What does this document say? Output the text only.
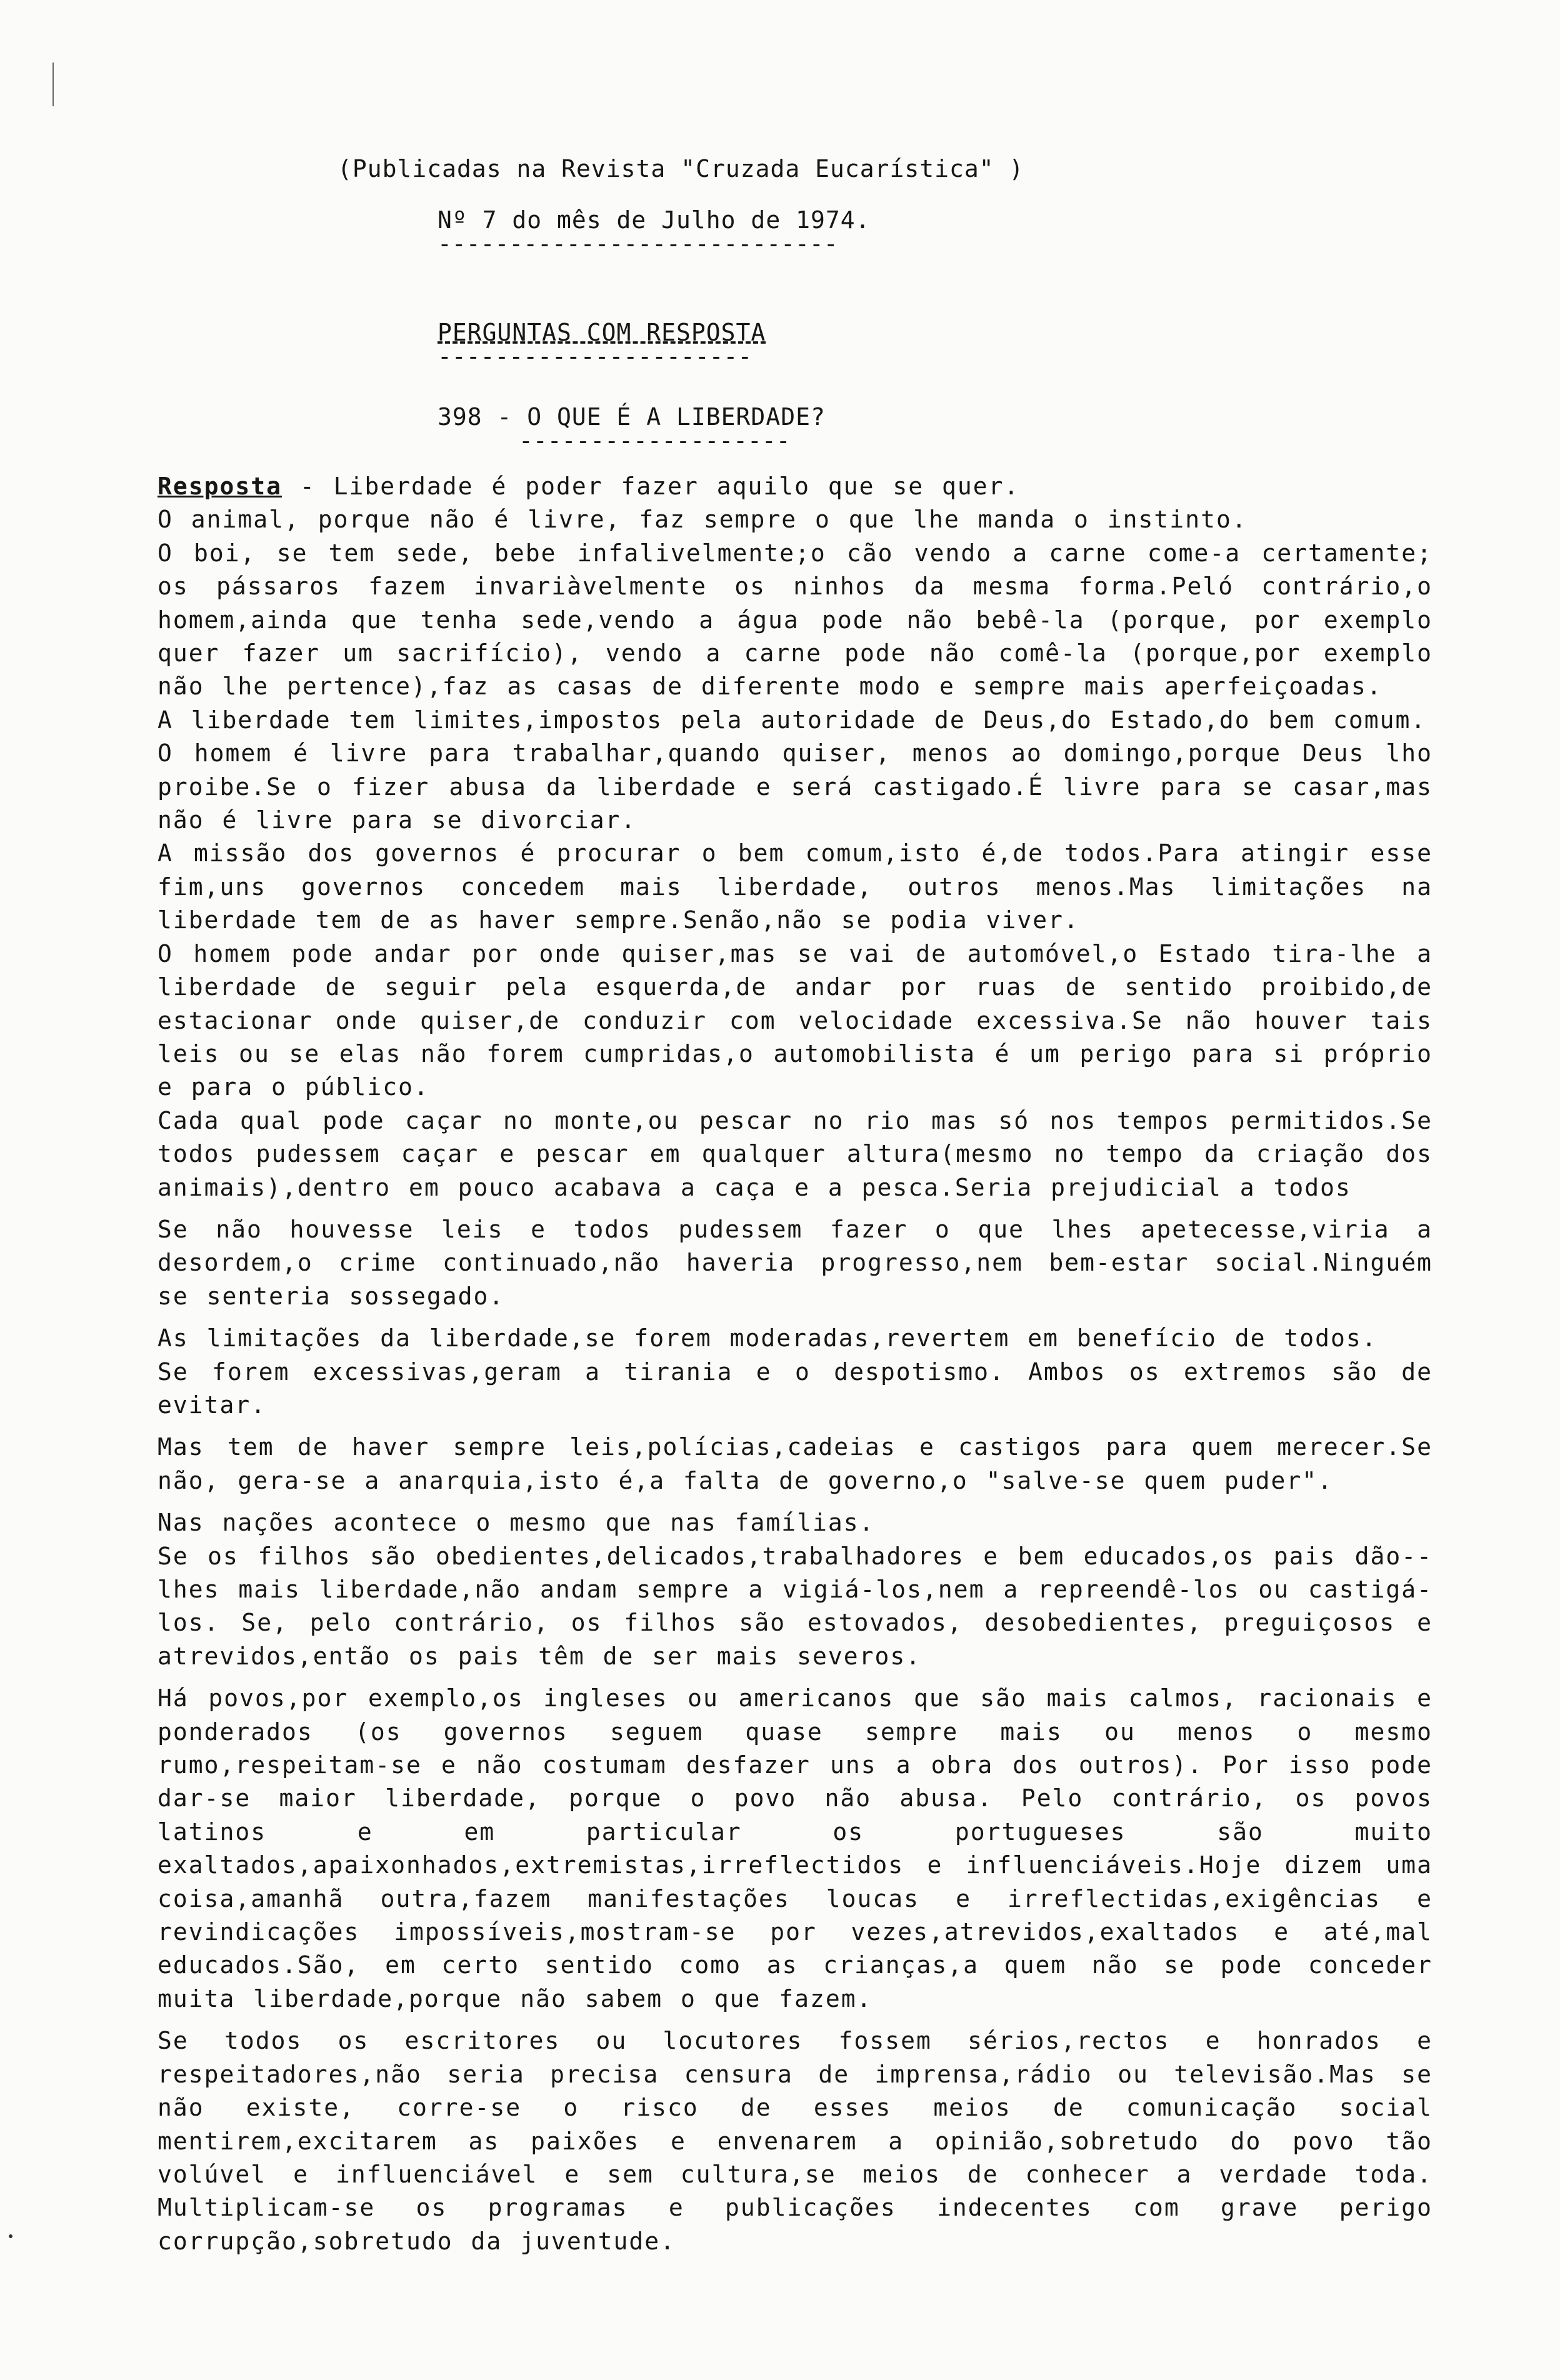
(Publicadas na Revista "Cruzada Eucarística" )
Nº 7 do mês de Julho de 1974.
----------------------------
PERGUNTAS COM RESPOSTA
----------------------
398 - O QUE É A LIBERDADE?
-------------------

Resposta - Liberdade é poder fazer aquilo que se quer.

O animal, porque não é livre, faz sempre o que lhe manda o instinto.

O boi, se tem sede, bebe infalivelmente;o cão vendo a carne come-a certamente; os pássaros fazem invariàvelmente os ninhos da mesma forma.Peló contrário,o homem,ainda que tenha sede,vendo a água pode não bebê-la (porque, por exemplo quer fazer um sacrifício), vendo a carne pode não comê-la (porque,por exemplo não lhe pertence),faz as casas de diferente modo e sempre mais aperfeiçoadas.

A liberdade tem limites,impostos pela autoridade de Deus,do Estado,do bem comum.

O homem é livre para trabalhar,quando quiser, menos ao domingo,porque Deus lho proibe.Se o fizer abusa da liberdade e será castigado.É livre para se casar,mas não é livre para se divorciar.

A missão dos governos é procurar o bem comum,isto é,de todos.Para atingir esse fim,uns governos concedem mais liberdade, outros menos.Mas limitações na liberdade tem de as haver sempre.Senão,não se podia viver.

O homem pode andar por onde quiser,mas se vai de automóvel,o Estado tira-lhe a liberdade de seguir pela esquerda,de andar por ruas de sentido proibido,de estacionar onde quiser,de conduzir com velocidade excessiva.Se não houver tais leis ou se elas não forem cumpridas,o automobilista é um perigo para si próprio e para o público.

Cada qual pode caçar no monte,ou pescar no rio mas só nos tempos permitidos.Se todos pudessem caçar e pescar em qualquer altura(mesmo no tempo da criação dos animais),dentro em pouco acabava a caça e a pesca.Seria prejudicial a todos

Se não houvesse leis e todos pudessem fazer o que lhes apetecesse,viria a desordem,o crime continuado,não haveria progresso,nem bem-estar social.Ninguém se senteria sossegado.

As limitações da liberdade,se forem moderadas,revertem em benefício de todos.

Se forem excessivas,geram a tirania e o despotismo. Ambos os extremos são de evitar.

Mas tem de haver sempre leis,polícias,cadeias e castigos para quem merecer.Se não, gera-se a anarquia,isto é,a falta de governo,o "salve-se quem puder".

Nas nações acontece o mesmo que nas famílias.

Se os filhos são obedientes,delicados,trabalhadores e bem educados,os pais dão--lhes mais liberdade,não andam sempre a vigiá-los,nem a repreendê-los ou castigá-los. Se, pelo contrário, os filhos são estovados, desobedientes, preguiçosos e atrevidos,então os pais têm de ser mais severos.

Há povos,por exemplo,os ingleses ou americanos que são mais calmos, racionais e ponderados (os governos seguem quase sempre mais ou menos o mesmo rumo,respeitam-se e não costumam desfazer uns a obra dos outros). Por isso pode dar-se maior liberdade, porque o povo não abusa. Pelo contrário, os povos latinos e em particular os portugueses são muito exaltados,apaixonhados,extremistas,irreflectidos e influenciáveis.Hoje dizem uma coisa,amanhã outra,fazem manifestações loucas e irreflectidas,exigências e revindicações impossíveis,mostram-se por vezes,atrevidos,exaltados e até,mal educados.São, em certo sentido como as crianças,a quem não se pode conceder muita liberdade,porque não sabem o que fazem.

Se todos os escritores ou locutores fossem sérios,rectos e honrados e respeitadores,não seria precisa censura de imprensa,rádio ou televisão.Mas se não existe, corre-se o risco de esses meios de comunicação social mentirem,excitarem as paixões e envenarem a opinião,sobretudo do povo tão volúvel e influenciável e sem cultura,se meios de conhecer a verdade toda. Multiplicam-se os programas e publicações indecentes com grave perigo corrupção,sobretudo da juventude.
